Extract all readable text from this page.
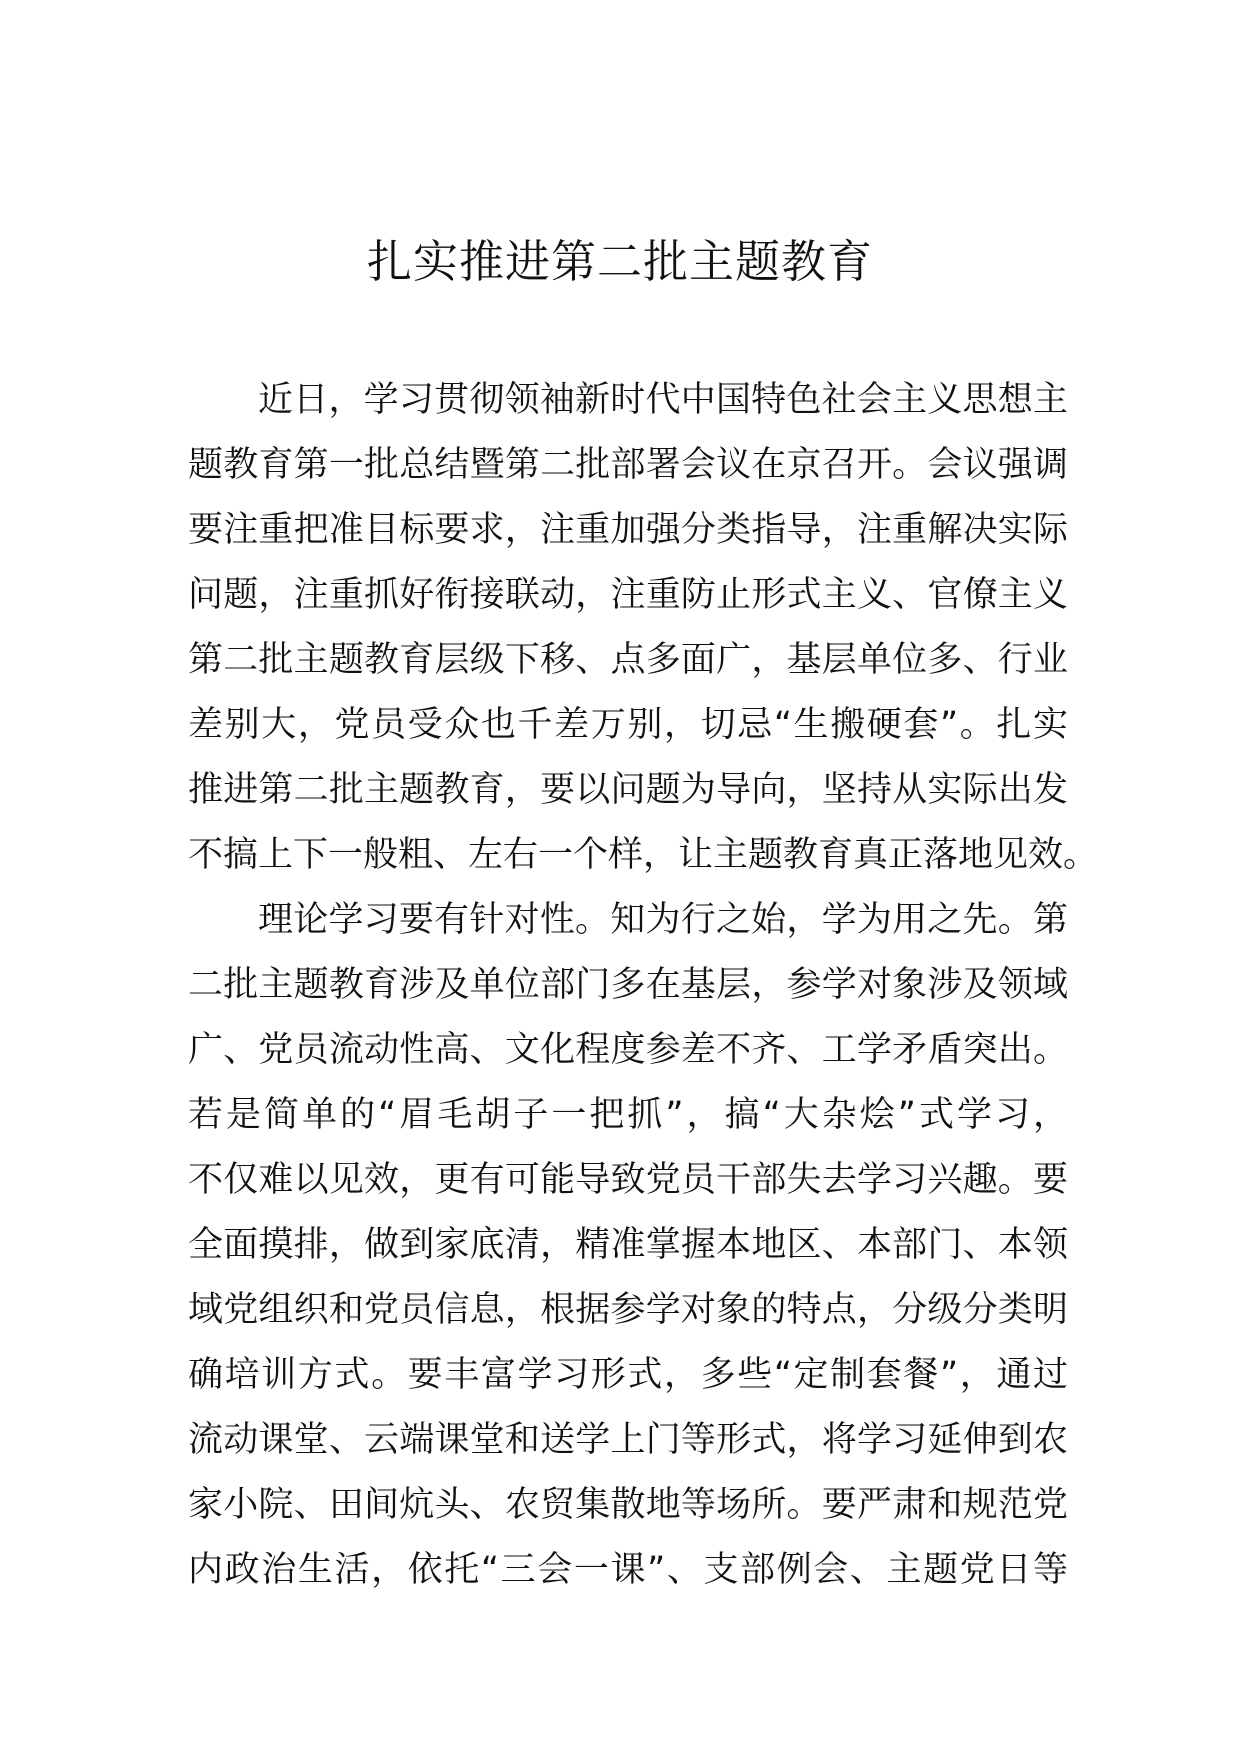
扎实推进第二批主题教育
近日，学习贯彻领袖新时代中国特色社会主义思想主
题教育第一批总结暨第二批部署会议在京召开。会议强调
要注重把准目标要求，注重加强分类指导，注重解决实际
问题，注重抓好衔接联动，注重防止形式主义、官僚主义
第二批主题教育层级下移、点多面广，基层单位多、行业
差别大，党员受众也千差万别，切忌“生搬硬套”。扎实
推进第二批主题教育，要以问题为导向，坚持从实际出发
不搞上下一般粗、左右一个样，让主题教育真正落地见效。
理论学习要有针对性。知为行之始，学为用之先。第
二批主题教育涉及单位部门多在基层，参学对象涉及领域
广、党员流动性高、文化程度参差不齐、工学矛盾突出。
若是简单的“眉毛胡子一把抓”，搞“大杂烩”式学习，
不仅难以见效，更有可能导致党员干部失去学习兴趣。要
全面摸排，做到家底清，精准掌握本地区、本部门、本领
域党组织和党员信息，根据参学对象的特点，分级分类明
确培训方式。要丰富学习形式，多些“定制套餐”，通过
流动课堂、云端课堂和送学上门等形式，将学习延伸到农
家小院、田间炕头、农贸集散地等场所。要严肃和规范党
内政治生活，依托“三会一课”、支部例会、主题党日等
